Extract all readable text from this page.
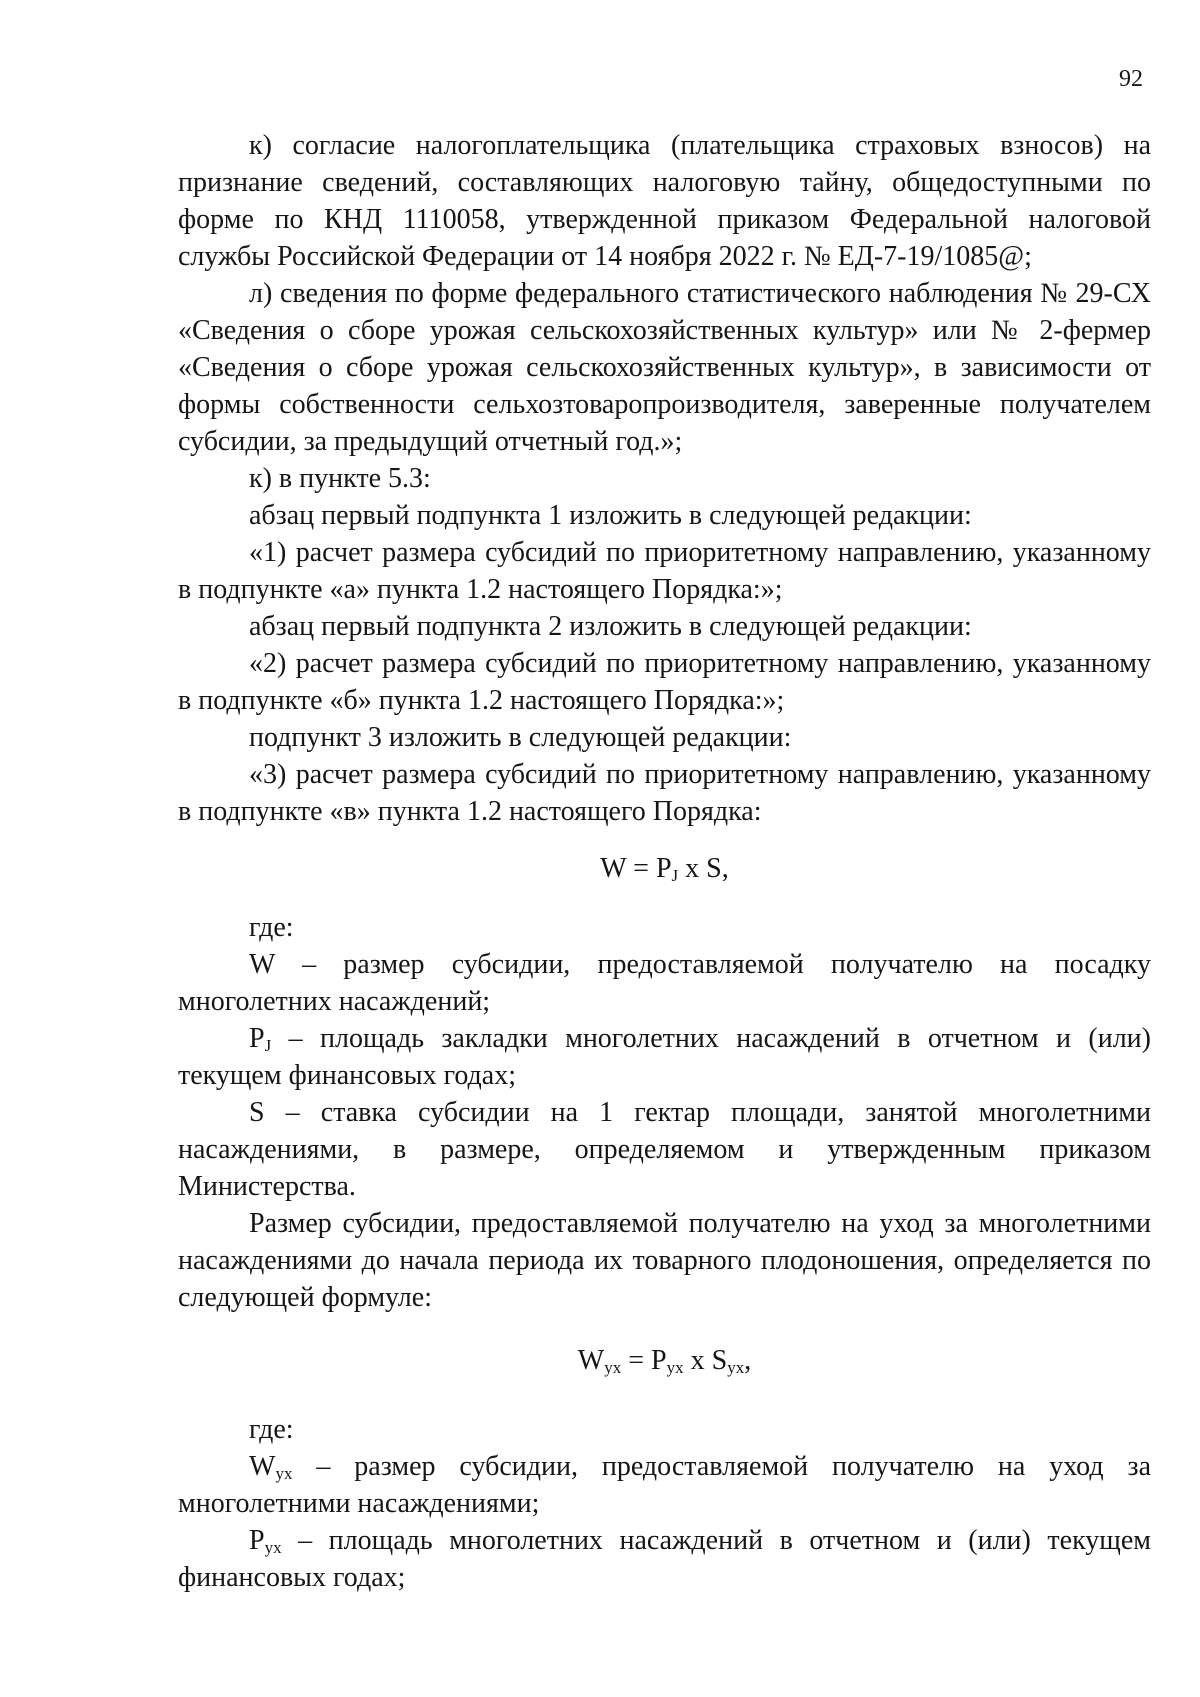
92

к) согласие налогоплательщика (плательщика страховых взносов) на признание сведений, составляющих налоговую тайну, общедоступными по форме по КНД 1110058, утвержденной приказом Федеральной налоговой службы Российской Федерации от 14 ноября 2022 г. № ЕД-7-19/1085@;

л) сведения по форме федерального статистического наблюдения № 29-СХ «Сведения о сборе урожая сельскохозяйственных культур» или № 2-фермер «Сведения о сборе урожая сельскохозяйственных культур», в зависимости от формы собственности сельхозтоваропроизводителя, заверенные получателем субсидии, за предыдущий отчетный год.»;

к) в пункте 5.3:

абзац первый подпункта 1 изложить в следующей редакции:

«1) расчет размера субсидий по приоритетному направлению, указанному в подпункте «а» пункта 1.2 настоящего Порядка:»;

абзац первый подпункта 2 изложить в следующей редакции:

«2) расчет размера субсидий по приоритетному направлению, указанному в подпункте «б» пункта 1.2 настоящего Порядка:»;

подпункт 3 изложить в следующей редакции:

«3) расчет размера субсидий по приоритетному направлению, указанному в подпункте «в» пункта 1.2 настоящего Порядка:

$W = P_J$ x S,

где:

W – размер субсидии, предоставляемой получателю на посадку многолетних насаждений;

$P_J$ – площадь закладки многолетних насаждений в отчетном и (или) текущем финансовых годах;

S – ставка субсидии на 1 гектар площади, занятой многолетними насаждениями, в размере, определяемом и утвержденным приказом Министерства.

Размер субсидии, предоставляемой получателю на уход за многолетними насаждениями до начала периода их товарного плодоношения, определяется по следующей формуле:

$W_{ух} = P_{ух}$ x $S_{ух}$,

где:

$W_{ух}$ – размер субсидии, предоставляемой получателю на уход за многолетними насаждениями;

$P_{ух}$ – площадь многолетних насаждений в отчетном и (или) текущем финансовых годах;
